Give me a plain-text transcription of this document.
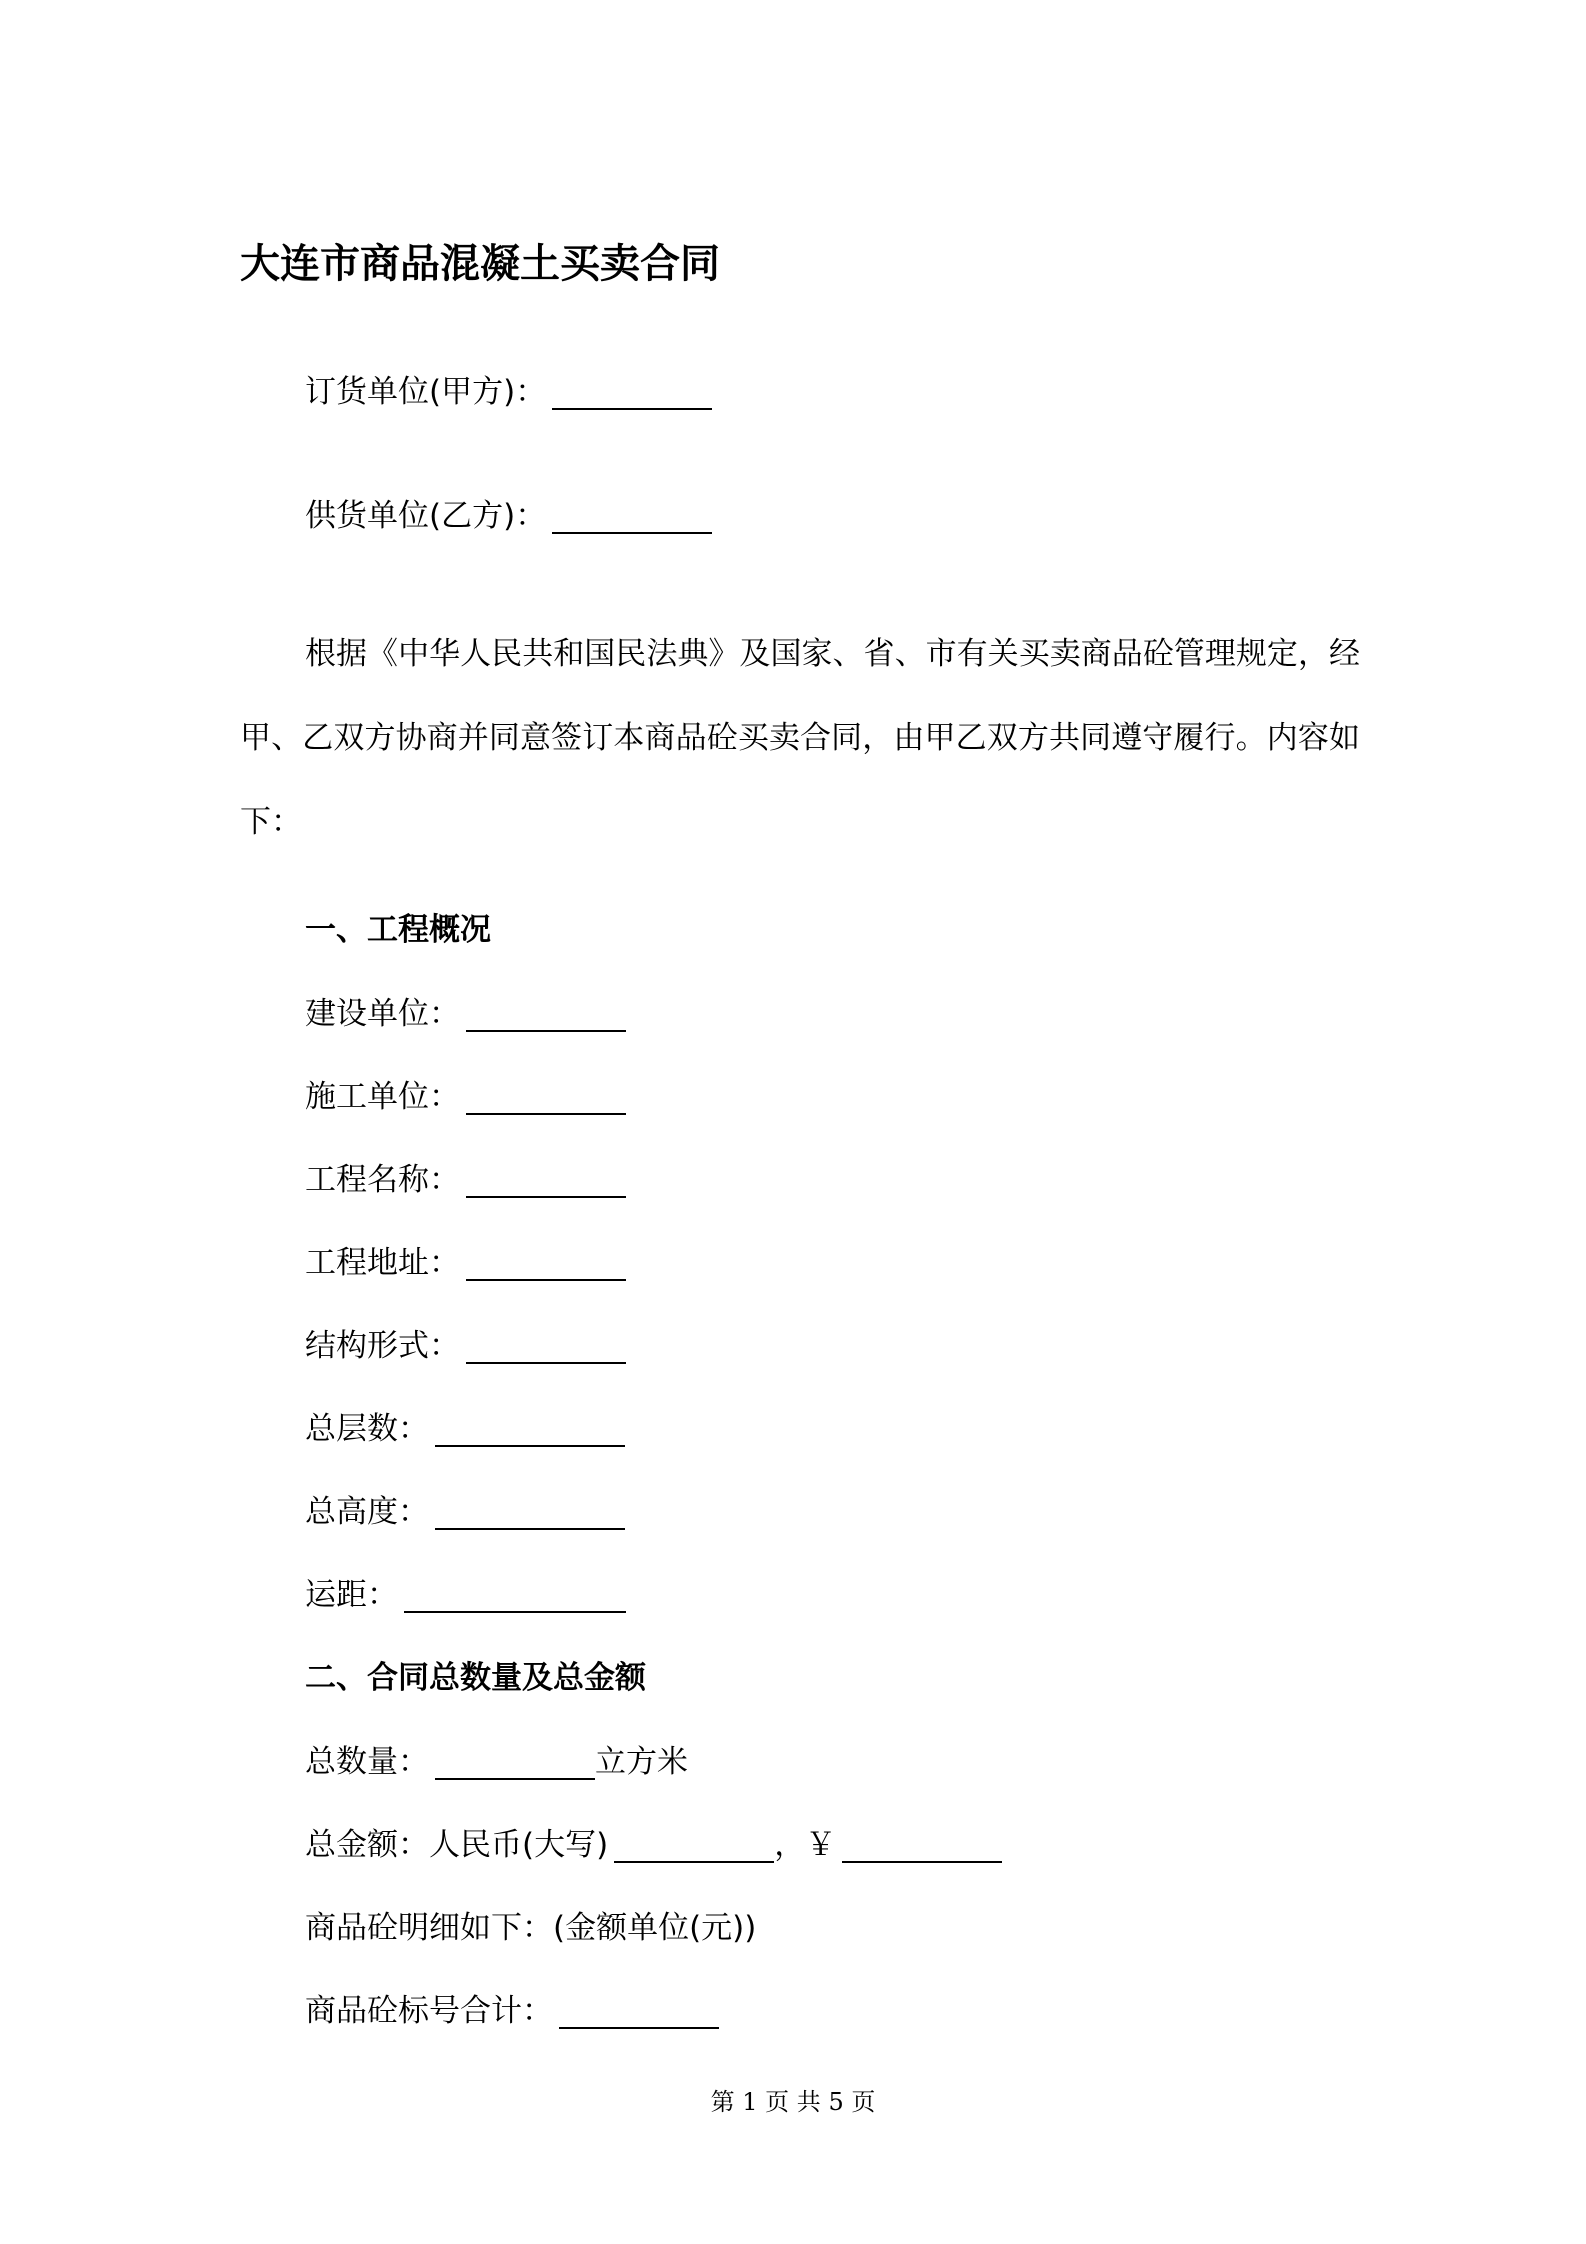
大连市商品混凝土买卖合同
订货单位(甲方)：
供货单位(乙方)：
根据《中华人民共和国民法典》及国家、省、市有关买卖商品砼管理规定，经甲、乙双方协商并同意签订本商品砼买卖合同，由甲乙双方共同遵守履行。内容如下：
一、工程概况
建设单位：
施工单位：
工程名称：
工程地址：
结构形式：
总层数：
总高度：
运距：
二、合同总数量及总金额
总数量：	立方米
总金额：人民币(大写)	，￥
商品砼明细如下：(金额单位(元))
商品砼标号合计：
第 1 页 共 5 页
